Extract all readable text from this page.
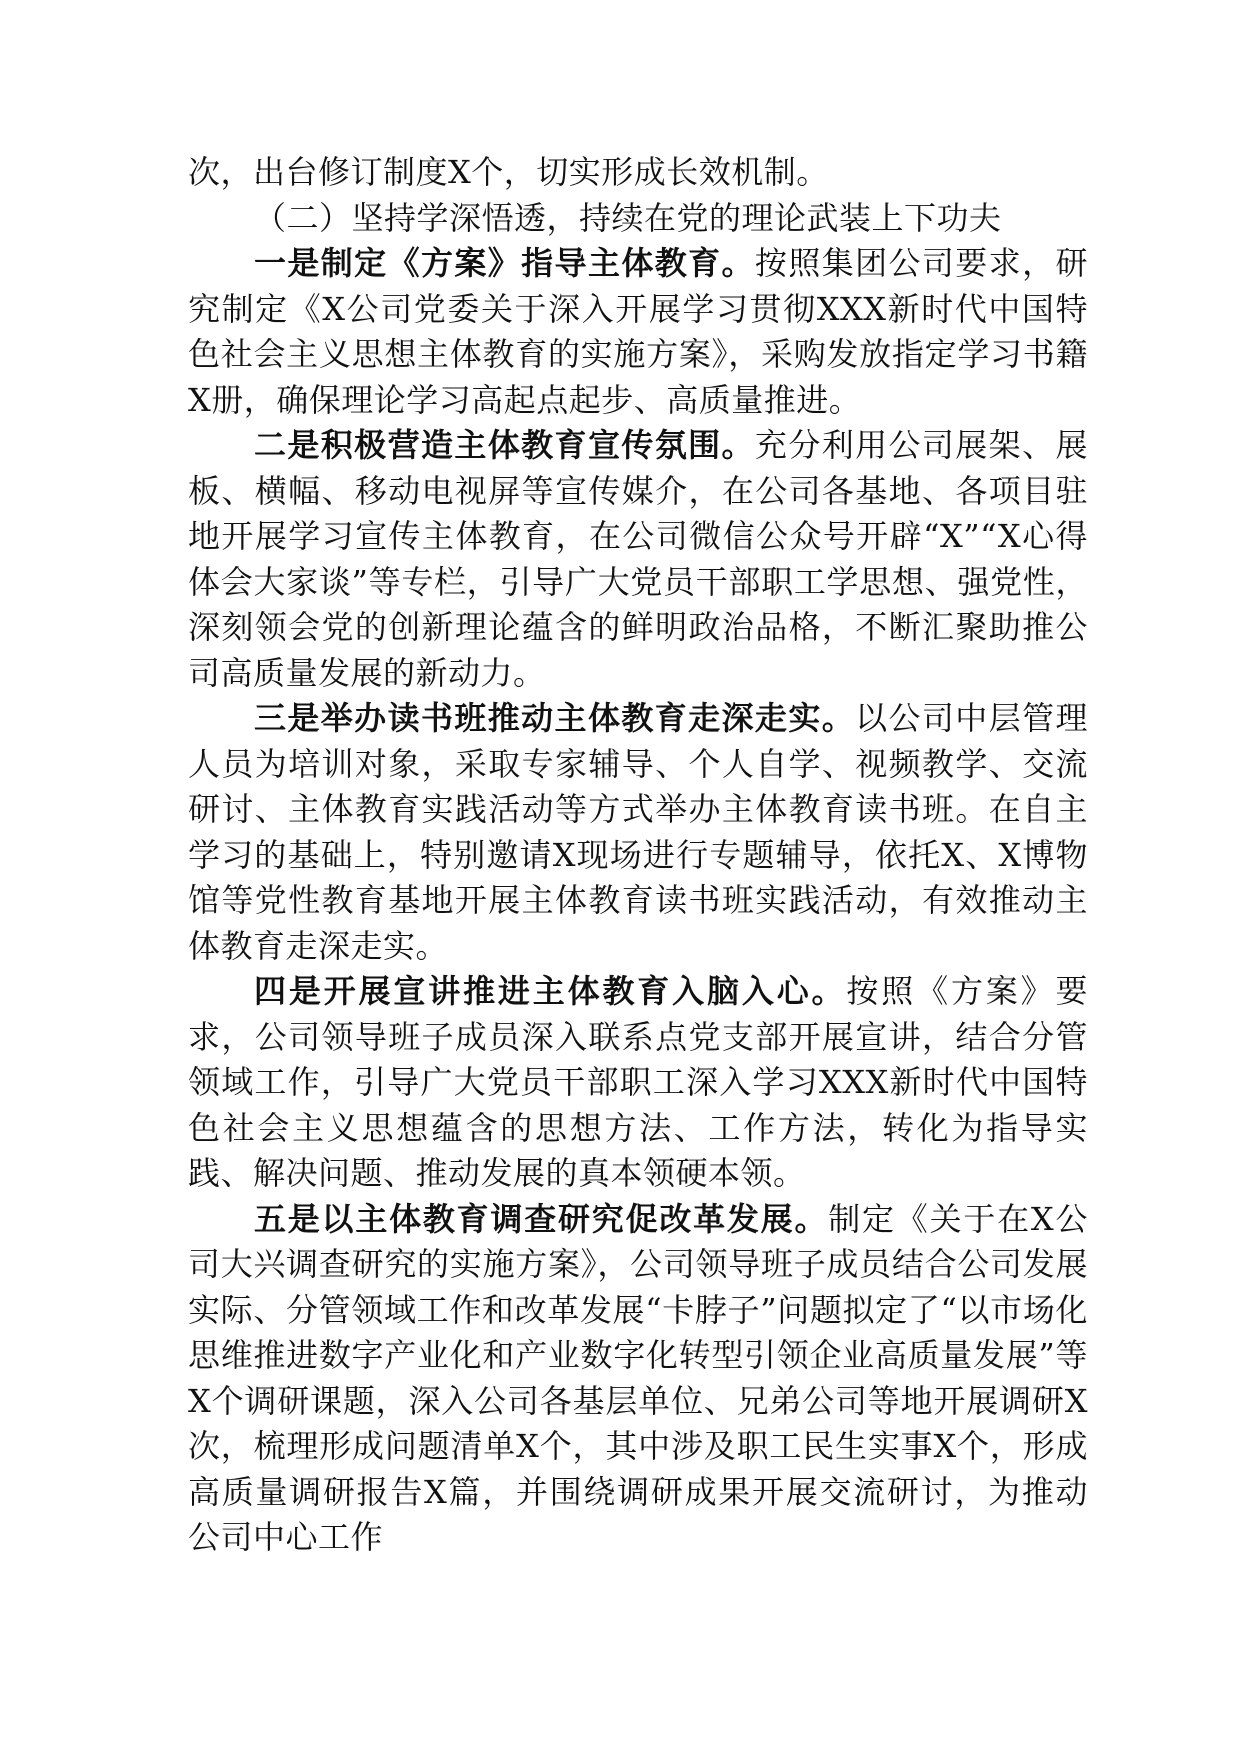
次，出台修订制度X个，切实形成长效机制。

（二）坚持学深悟透，持续在党的理论武装上下功夫

一是制定《方案》指导主体教育。按照集团公司要求，研究制定《X公司党委关于深入开展学习贯彻XXX新时代中国特色社会主义思想主体教育的实施方案》，采购发放指定学习书籍X册，确保理论学习高起点起步、高质量推进。

二是积极营造主体教育宣传氛围。充分利用公司展架、展板、横幅、移动电视屏等宣传媒介，在公司各基地、各项目驻地开展学习宣传主体教育，在公司微信公众号开辟“X”“X心得体会大家谈”等专栏，引导广大党员干部职工学思想、强党性，深刻领会党的创新理论蕴含的鲜明政治品格，不断汇聚助推公司高质量发展的新动力。

三是举办读书班推动主体教育走深走实。以公司中层管理人员为培训对象，采取专家辅导、个人自学、视频教学、交流研讨、主体教育实践活动等方式举办主体教育读书班。在自主学习的基础上，特别邀请X现场进行专题辅导，依托X、X博物馆等党性教育基地开展主体教育读书班实践活动，有效推动主体教育走深走实。

四是开展宣讲推进主体教育入脑入心。按照《方案》要求，公司领导班子成员深入联系点党支部开展宣讲，结合分管领域工作，引导广大党员干部职工深入学习XXX新时代中国特色社会主义思想蕴含的思想方法、工作方法，转化为指导实践、解决问题、推动发展的真本领硬本领。

五是以主体教育调查研究促改革发展。制定《关于在X公司大兴调查研究的实施方案》，公司领导班子成员结合公司发展实际、分管领域工作和改革发展“卡脖子”问题拟定了“以市场化思维推进数字产业化和产业数字化转型引领企业高质量发展”等X个调研课题，深入公司各基层单位、兄弟公司等地开展调研X次，梳理形成问题清单X个，其中涉及职工民生实事X个，形成高质量调研报告X篇，并围绕调研成果开展交流研讨，为推动公司中心工作
